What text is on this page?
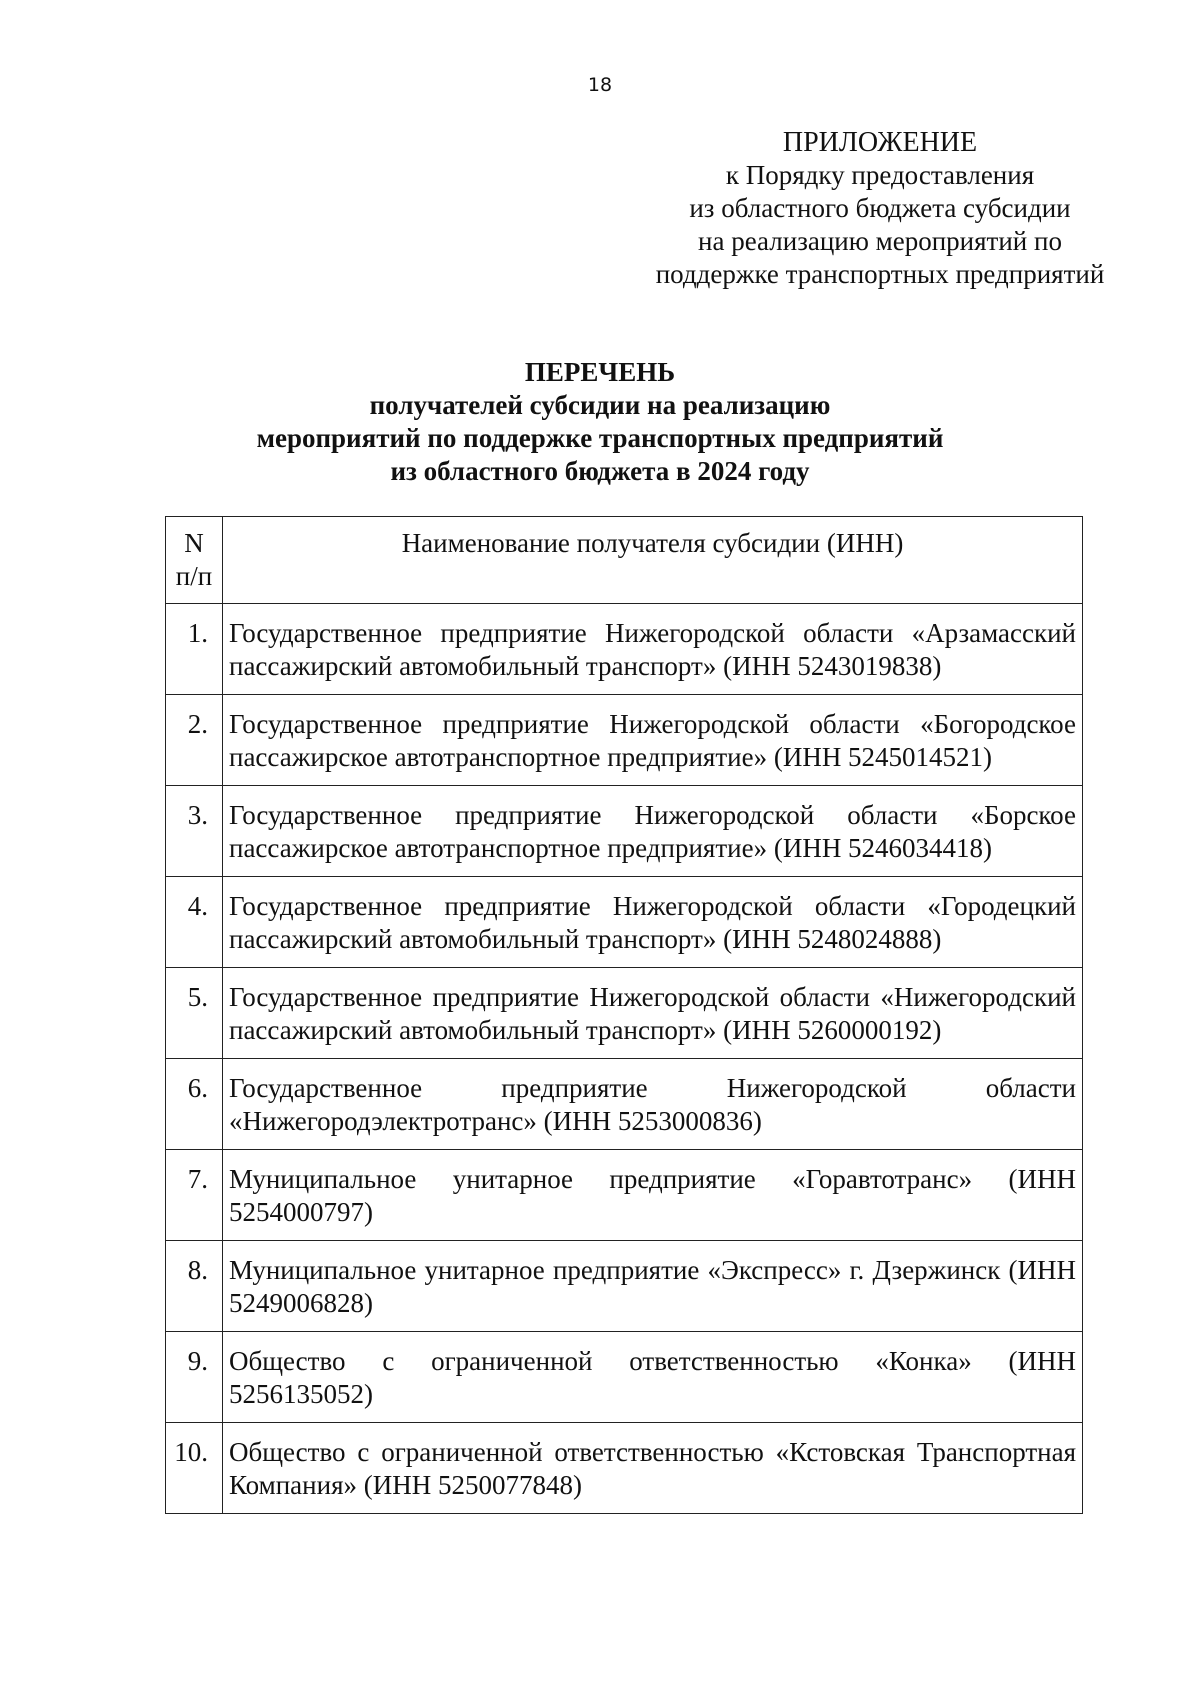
18
ПРИЛОЖЕНИЕ
к Порядку предоставления
из областного бюджета субсидии
на реализацию мероприятий по
поддержке транспортных предприятий
ПЕРЕЧЕНЬ
получателей субсидии на реализацию
мероприятий по поддержке транспортных предприятий
из областного бюджета в 2024 году
N
п/п	Наименование получателя субсидии (ИНН)
1.	Государственное предприятие Нижегородской области «Арзамасский пассажирский автомобильный транспорт» (ИНН 5243019838)
2.	Государственное предприятие Нижегородской области «Богородское пассажирское автотранспортное предприятие» (ИНН 5245014521)
3.	Государственное предприятие Нижегородской области «Борское пассажирское автотранспортное предприятие» (ИНН 5246034418)
4.	Государственное предприятие Нижегородской области «Городецкий пассажирский автомобильный транспорт» (ИНН 5248024888)
5.	Государственное предприятие Нижегородской области «Нижегородский пассажирский автомобильный транспорт» (ИНН 5260000192)
6.	Государственное предприятие Нижегородской области «Нижегородэлектротранс» (ИНН 5253000836)
7.	Муниципальное унитарное предприятие «Горавтотранс» (ИНН 5254000797)
8.	Муниципальное унитарное предприятие «Экспресс» г. Дзержинск (ИНН 5249006828)
9.	Общество с ограниченной ответственностью «Конка» (ИНН 5256135052)
10.	Общество с ограниченной ответственностью «Кстовская Транспортная Компания» (ИНН 5250077848)
